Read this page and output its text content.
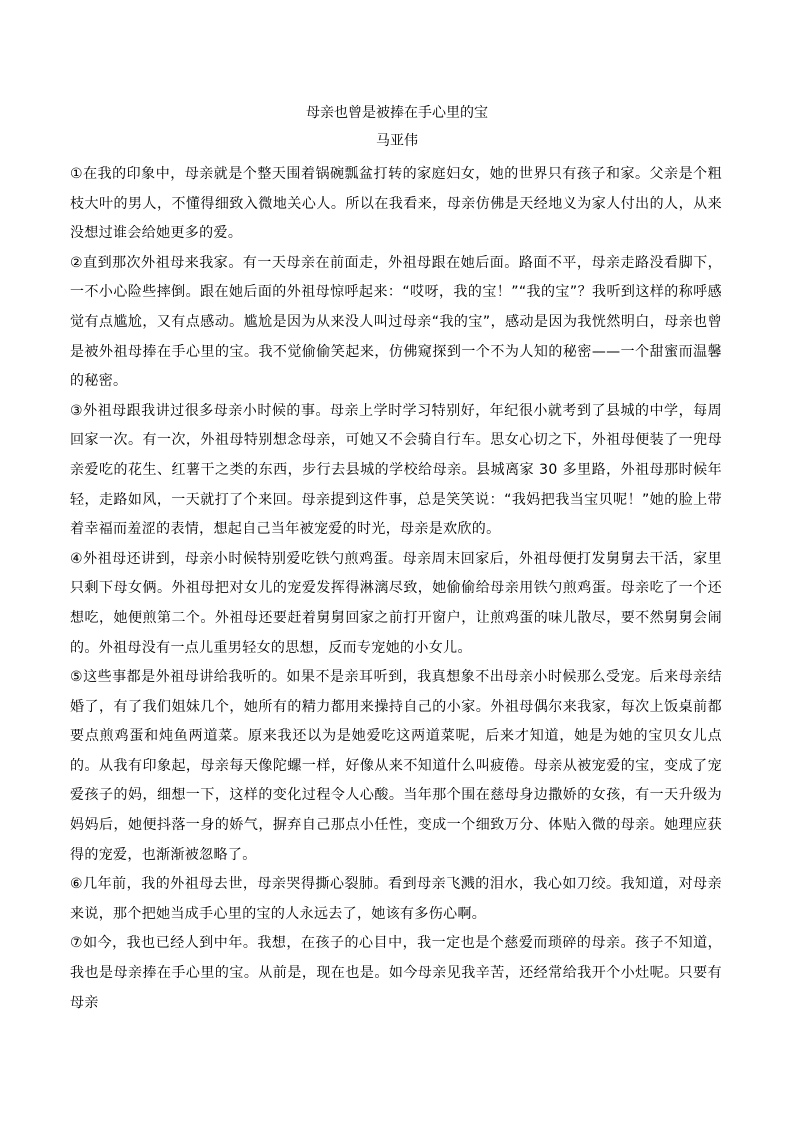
母亲也曾是被捧在手心里的宝
马亚伟

①在我的印象中，母亲就是个整天围着锅碗瓢盆打转的家庭妇女，她的世界只有孩子和家。父亲是个粗枝大叶的男人，不懂得细致入微地关心人。所以在我看来，母亲仿佛是天经地义为家人付出的人，从来没想过谁会给她更多的爱。

②直到那次外祖母来我家。有一天母亲在前面走，外祖母跟在她后面。路面不平，母亲走路没看脚下，一不小心险些摔倒。跟在她后面的外祖母惊呼起来：“哎呀，我的宝！”“我的宝”？我听到这样的称呼感觉有点尴尬，又有点感动。尴尬是因为从来没人叫过母亲“我的宝”，感动是因为我恍然明白，母亲也曾是被外祖母捧在手心里的宝。我不觉偷偷笑起来，仿佛窥探到一个不为人知的秘密——一个甜蜜而温馨的秘密。

③外祖母跟我讲过很多母亲小时候的事。母亲上学时学习特别好，年纪很小就考到了县城的中学，每周回家一次。有一次，外祖母特别想念母亲，可她又不会骑自行车。思女心切之下，外祖母便装了一兜母亲爱吃的花生、红薯干之类的东西，步行去县城的学校给母亲。县城离家 30 多里路，外祖母那时候年轻，走路如风，一天就打了个来回。母亲提到这件事，总是笑笑说：“我妈把我当宝贝呢！”她的脸上带着幸福而羞涩的表情，想起自己当年被宠爱的时光，母亲是欢欣的。

④外祖母还讲到，母亲小时候特别爱吃铁勺煎鸡蛋。母亲周末回家后，外祖母便打发舅舅去干活，家里只剩下母女俩。外祖母把对女儿的宠爱发挥得淋漓尽致，她偷偷给母亲用铁勺煎鸡蛋。母亲吃了一个还想吃，她便煎第二个。外祖母还要赶着舅舅回家之前打开窗户，让煎鸡蛋的味儿散尽，要不然舅舅会闹的。外祖母没有一点儿重男轻女的思想，反而专宠她的小女儿。

⑤这些事都是外祖母讲给我听的。如果不是亲耳听到，我真想象不出母亲小时候那么受宠。后来母亲结婚了，有了我们姐妹几个，她所有的精力都用来操持自己的小家。外祖母偶尔来我家，每次上饭桌前都要点煎鸡蛋和炖鱼两道菜。原来我还以为是她爱吃这两道菜呢，后来才知道，她是为她的宝贝女儿点的。从我有印象起，母亲每天像陀螺一样，好像从来不知道什么叫疲倦。母亲从被宠爱的宝，变成了宠爱孩子的妈，细想一下，这样的变化过程令人心酸。当年那个围在慈母身边撒娇的女孩，有一天升级为妈妈后，她便抖落一身的娇气，摒弃自己那点小任性，变成一个细致万分、体贴入微的母亲。她理应获得的宠爱，也渐渐被忽略了。

⑥几年前，我的外祖母去世，母亲哭得撕心裂肺。看到母亲飞溅的泪水，我心如刀绞。我知道，对母亲来说，那个把她当成手心里的宝的人永远去了，她该有多伤心啊。

⑦如今，我也已经人到中年。我想，在孩子的心目中，我一定也是个慈爱而琐碎的母亲。孩子不知道，我也是母亲捧在手心里的宝。从前是，现在也是。如今母亲见我辛苦，还经常给我开个小灶呢。只要有母亲
